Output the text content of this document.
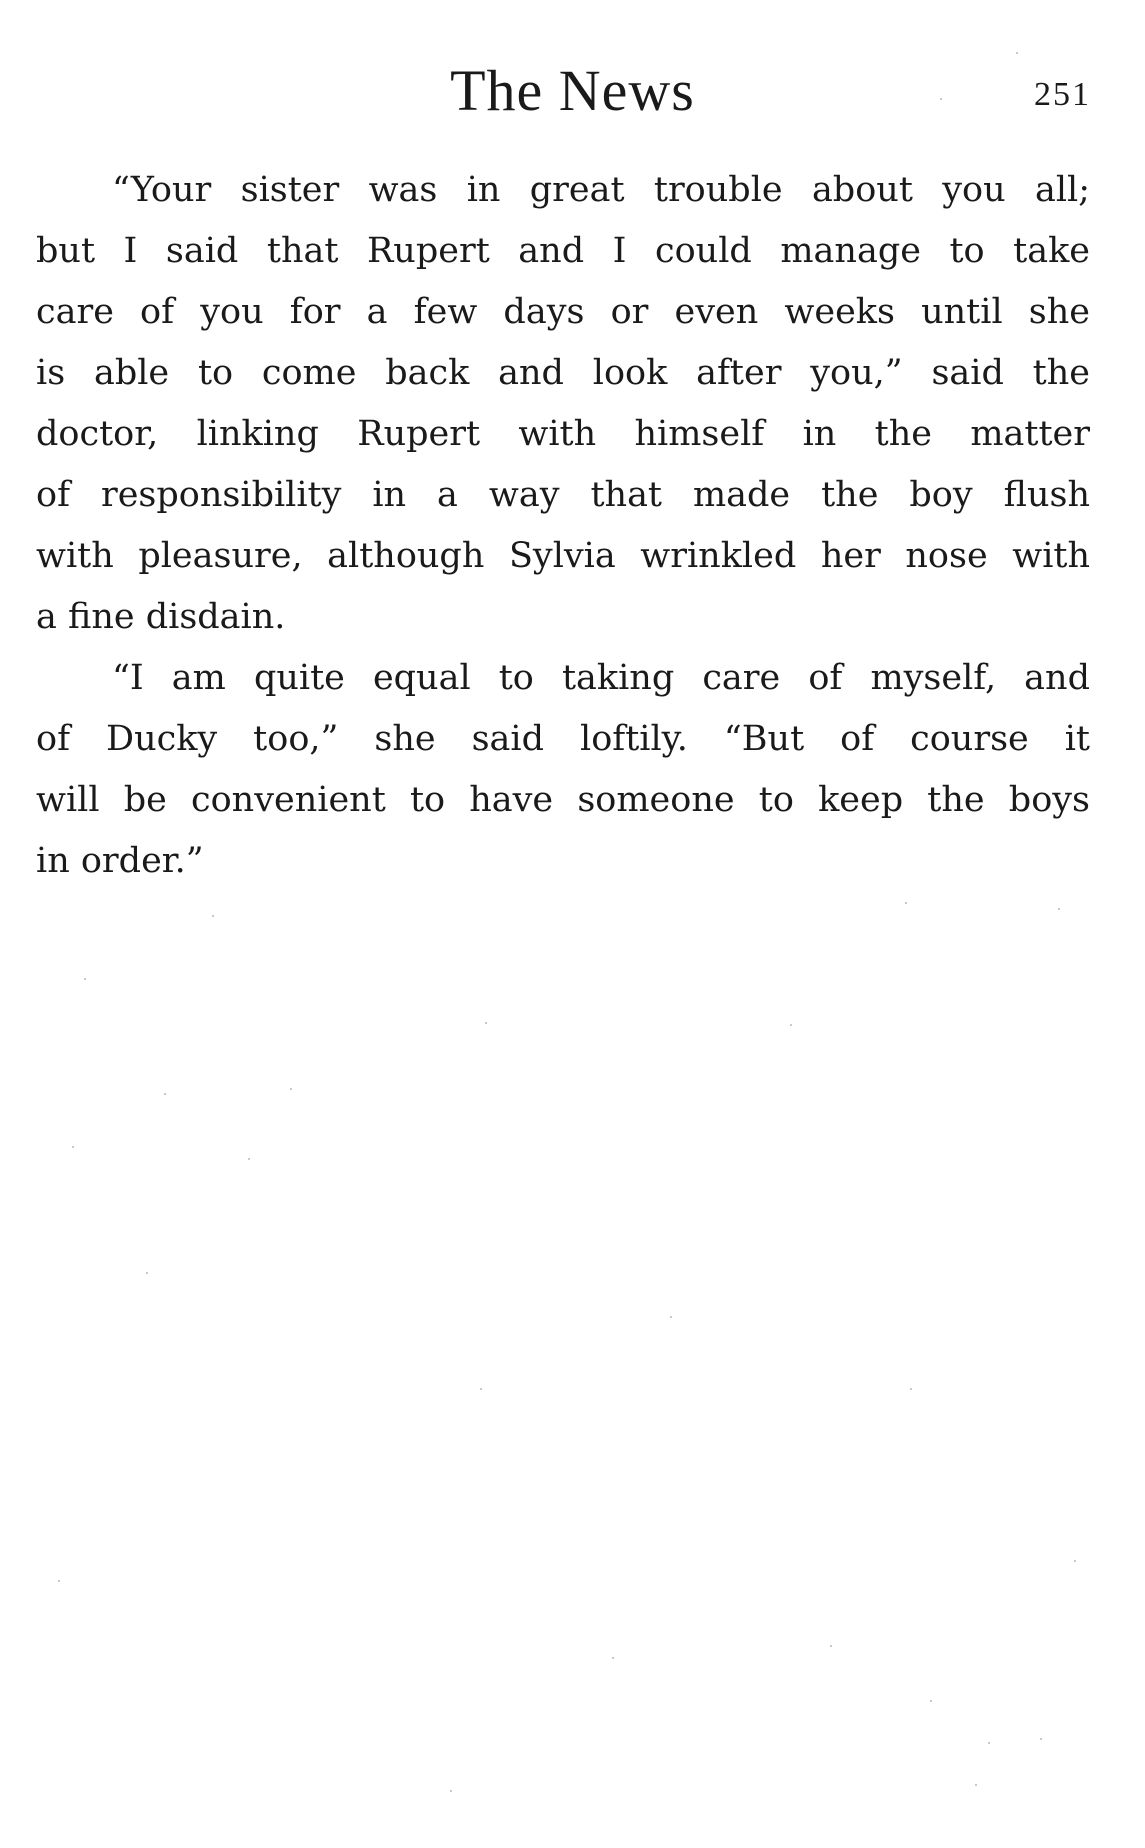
The News	251
“Your sister was in great trouble about you all;
but I said that Rupert and I could manage to take
care of you for a few days or even weeks until she
is able to come back and look after you,” said the
doctor, linking Rupert with himself in the matter
of responsibility in a way that made the boy flush
with pleasure, although Sylvia wrinkled her nose with
a fine disdain.
“I am quite equal to taking care of myself, and
of Ducky too,” she said loftily. “But of course it
will be convenient to have someone to keep the boys
in order.”
